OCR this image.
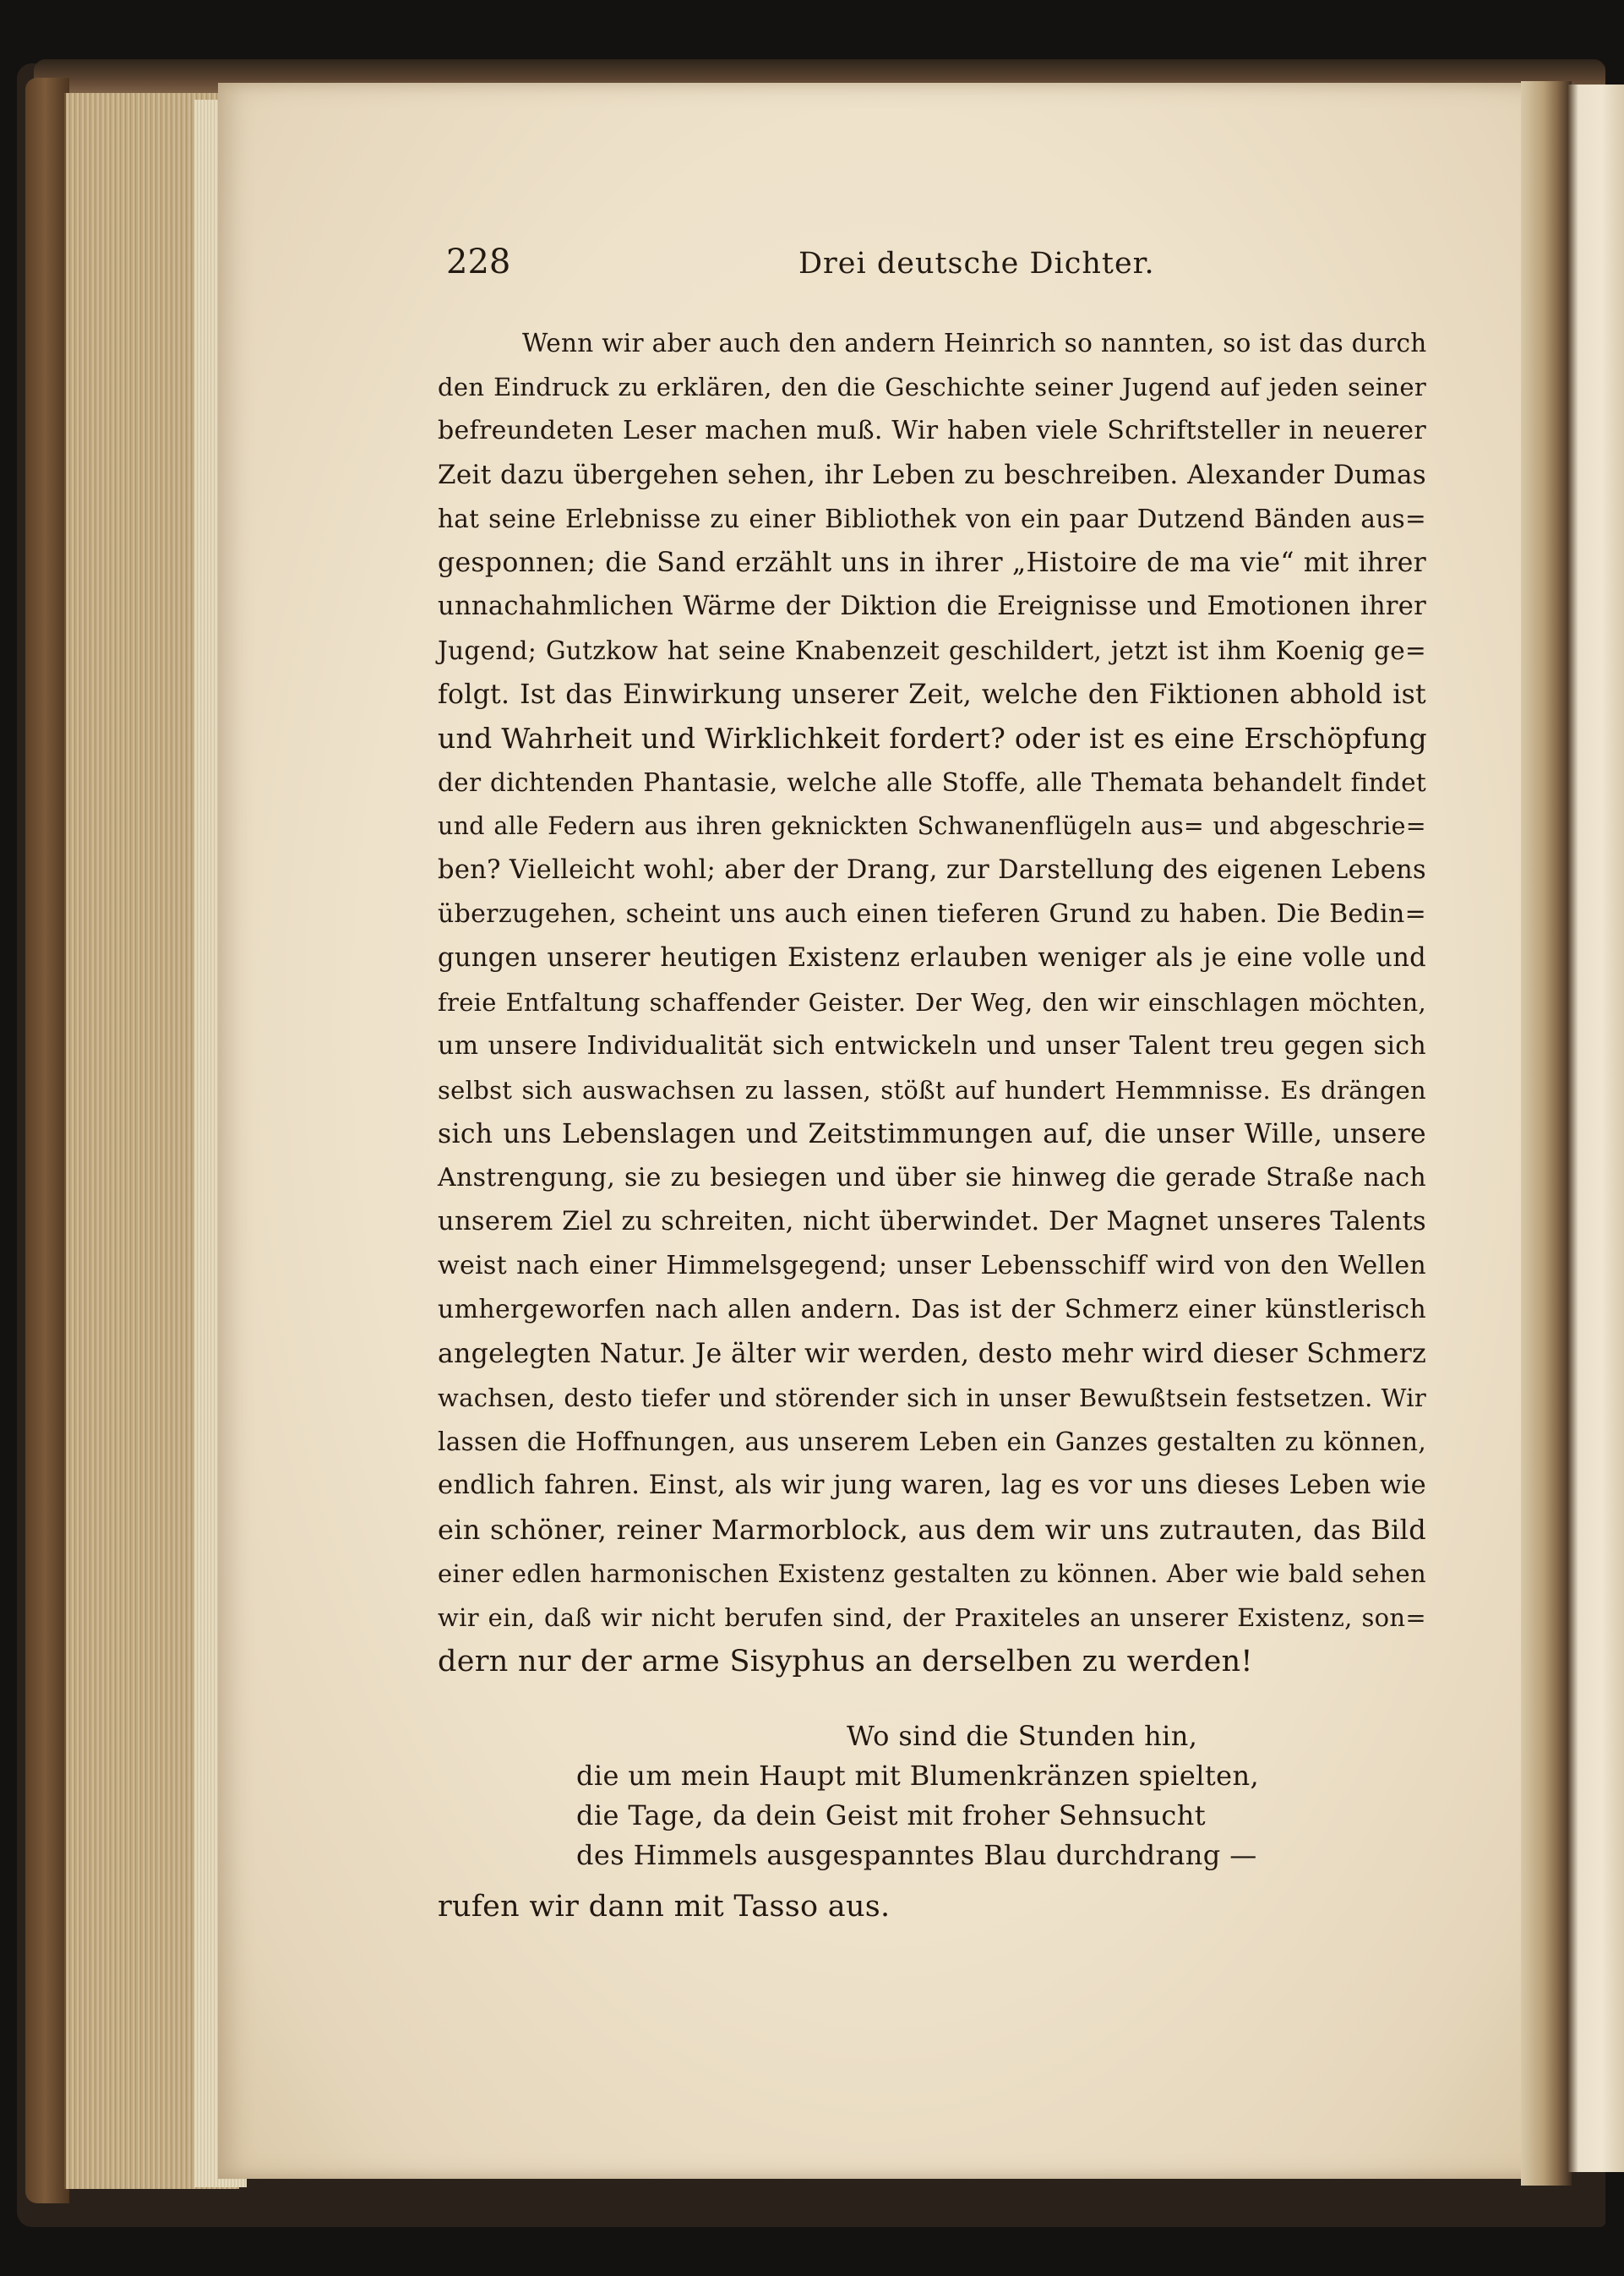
228	Drei deutsche Dichter.
Wenn wir aber auch den andern Heinrich so nannten, so ist das durch
den Eindruck zu erklären, den die Geschichte seiner Jugend auf jeden seiner
befreundeten Leser machen muß. Wir haben viele Schriftsteller in neuerer
Zeit dazu übergehen sehen, ihr Leben zu beschreiben. Alexander Dumas
hat seine Erlebnisse zu einer Bibliothek von ein paar Dutzend Bänden aus=
gesponnen; die Sand erzählt uns in ihrer „Histoire de ma vie“ mit ihrer
unnachahmlichen Wärme der Diktion die Ereignisse und Emotionen ihrer
Jugend; Gutzkow hat seine Knabenzeit geschildert, jetzt ist ihm Koenig ge=
folgt. Ist das Einwirkung unserer Zeit, welche den Fiktionen abhold ist
und Wahrheit und Wirklichkeit fordert? oder ist es eine Erschöpfung
der dichtenden Phantasie, welche alle Stoffe, alle Themata behandelt findet
und alle Federn aus ihren geknickten Schwanenflügeln aus= und abgeschrie=
ben? Vielleicht wohl; aber der Drang, zur Darstellung des eigenen Lebens
überzugehen, scheint uns auch einen tieferen Grund zu haben. Die Bedin=
gungen unserer heutigen Existenz erlauben weniger als je eine volle und
freie Entfaltung schaffender Geister. Der Weg, den wir einschlagen möchten,
um unsere Individualität sich entwickeln und unser Talent treu gegen sich
selbst sich auswachsen zu lassen, stößt auf hundert Hemmnisse. Es drängen
sich uns Lebenslagen und Zeitstimmungen auf, die unser Wille, unsere
Anstrengung, sie zu besiegen und über sie hinweg die gerade Straße nach
unserem Ziel zu schreiten, nicht überwindet. Der Magnet unseres Talents
weist nach einer Himmelsgegend; unser Lebensschiff wird von den Wellen
umhergeworfen nach allen andern. Das ist der Schmerz einer künstlerisch
angelegten Natur. Je älter wir werden, desto mehr wird dieser Schmerz
wachsen, desto tiefer und störender sich in unser Bewußtsein festsetzen. Wir
lassen die Hoffnungen, aus unserem Leben ein Ganzes gestalten zu können,
endlich fahren. Einst, als wir jung waren, lag es vor uns dieses Leben wie
ein schöner, reiner Marmorblock, aus dem wir uns zutrauten, das Bild
einer edlen harmonischen Existenz gestalten zu können. Aber wie bald sehen
wir ein, daß wir nicht berufen sind, der Praxiteles an unserer Existenz, son=
dern nur der arme Sisyphus an derselben zu werden!
Wo sind die Stunden hin,
die um mein Haupt mit Blumenkränzen spielten,
die Tage, da dein Geist mit froher Sehnsucht
des Himmels ausgespanntes Blau durchdrang —
rufen wir dann mit Tasso aus.
